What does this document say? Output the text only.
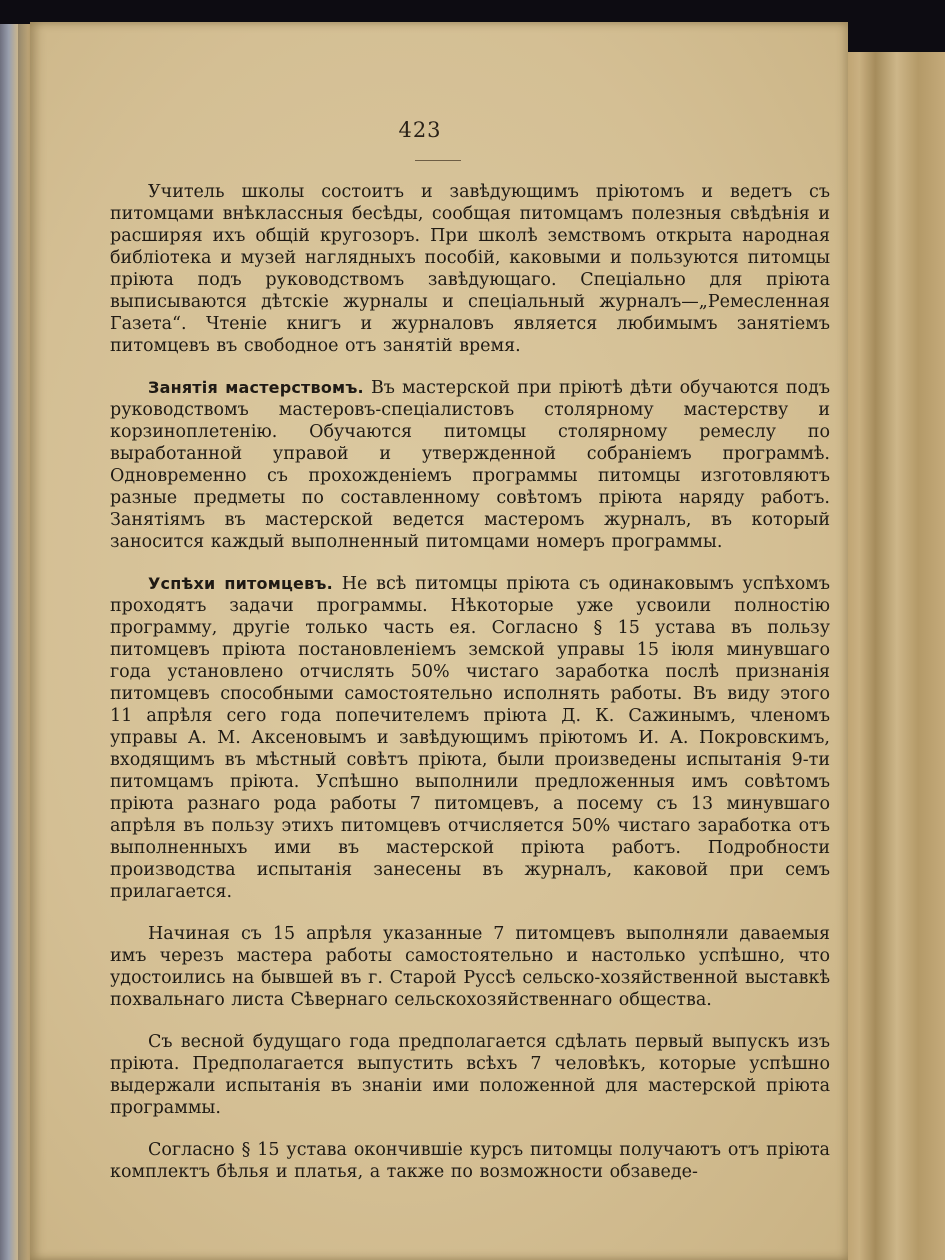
423

Учитель школы состоитъ и завѣдующимъ пріютомъ и ведетъ съ питомцами внѣклассныя бесѣды, сообщая питомцамъ полезныя свѣдѣнія и расширяя ихъ общій кругозоръ. При школѣ земствомъ открыта народная библіотека и музей наглядныхъ пособій, каковыми и пользуются питомцы пріюта подъ руководствомъ завѣдующаго. Спеціально для пріюта выписываются дѣтскіе журналы и спеціальный журналъ—„Ремесленная Газета“. Чтеніе книгъ и журналовъ является любимымъ занятіемъ питомцевъ въ свободное отъ занятій время.

Занятія мастерствомъ. Въ мастерской при пріютѣ дѣти обучаются подъ руководствомъ мастеровъ-спеціалистовъ столярному мастерству и корзиноплетенію. Обучаются питомцы столярному ремеслу по выработанной управой и утвержденной собраніемъ программѣ. Одновременно съ прохожденіемъ программы питомцы изготовляютъ разные предметы по составленному совѣтомъ пріюта наряду работъ. Занятіямъ въ мастерской ведется мастеромъ журналъ, въ который заносится каждый выполненный питомцами номеръ программы.

Успѣхи питомцевъ. Не всѣ питомцы пріюта съ одинаковымъ успѣхомъ проходятъ задачи программы. Нѣкоторые уже усвоили полностію программу, другіе только часть ея. Согласно § 15 устава въ пользу питомцевъ пріюта постановленіемъ земской управы 15 іюля минувшаго года установлено отчислять 50% чистаго заработка послѣ признанія питомцевъ способными самостоятельно исполнять работы. Въ виду этого 11 апрѣля сего года попечителемъ пріюта Д. К. Сажинымъ, членомъ управы А. М. Аксеновымъ и завѣдующимъ пріютомъ И. А. Покровскимъ, входящимъ въ мѣстный совѣтъ пріюта, были произведены испытанія 9-ти питомцамъ пріюта. Успѣшно выполнили предложенныя имъ совѣтомъ пріюта разнаго рода работы 7 питомцевъ, а посему съ 13 минувшаго апрѣля въ пользу этихъ питомцевъ отчисляется 50% чистаго заработка отъ выполненныхъ ими въ мастерской пріюта работъ. Подробности производства испытанія занесены въ журналъ, каковой при семъ прилагается.

Начиная съ 15 апрѣля указанные 7 питомцевъ выполняли даваемыя имъ черезъ мастера работы самостоятельно и настолько успѣшно, что удостоились на бывшей въ г. Старой Руссѣ сельско-хозяйственной выставкѣ похвальнаго листа Сѣвернаго сельскохозяйственнаго общества.

Съ весной будущаго года предполагается сдѣлать первый выпускъ изъ пріюта. Предполагается выпустить всѣхъ 7 человѣкъ, которые успѣшно выдержали испытанія въ знаніи ими положенной для мастерской пріюта программы.

Согласно § 15 устава окончившіе курсъ питомцы получаютъ отъ пріюта комплектъ бѣлья и платья, а также по возможности обзаведе-
